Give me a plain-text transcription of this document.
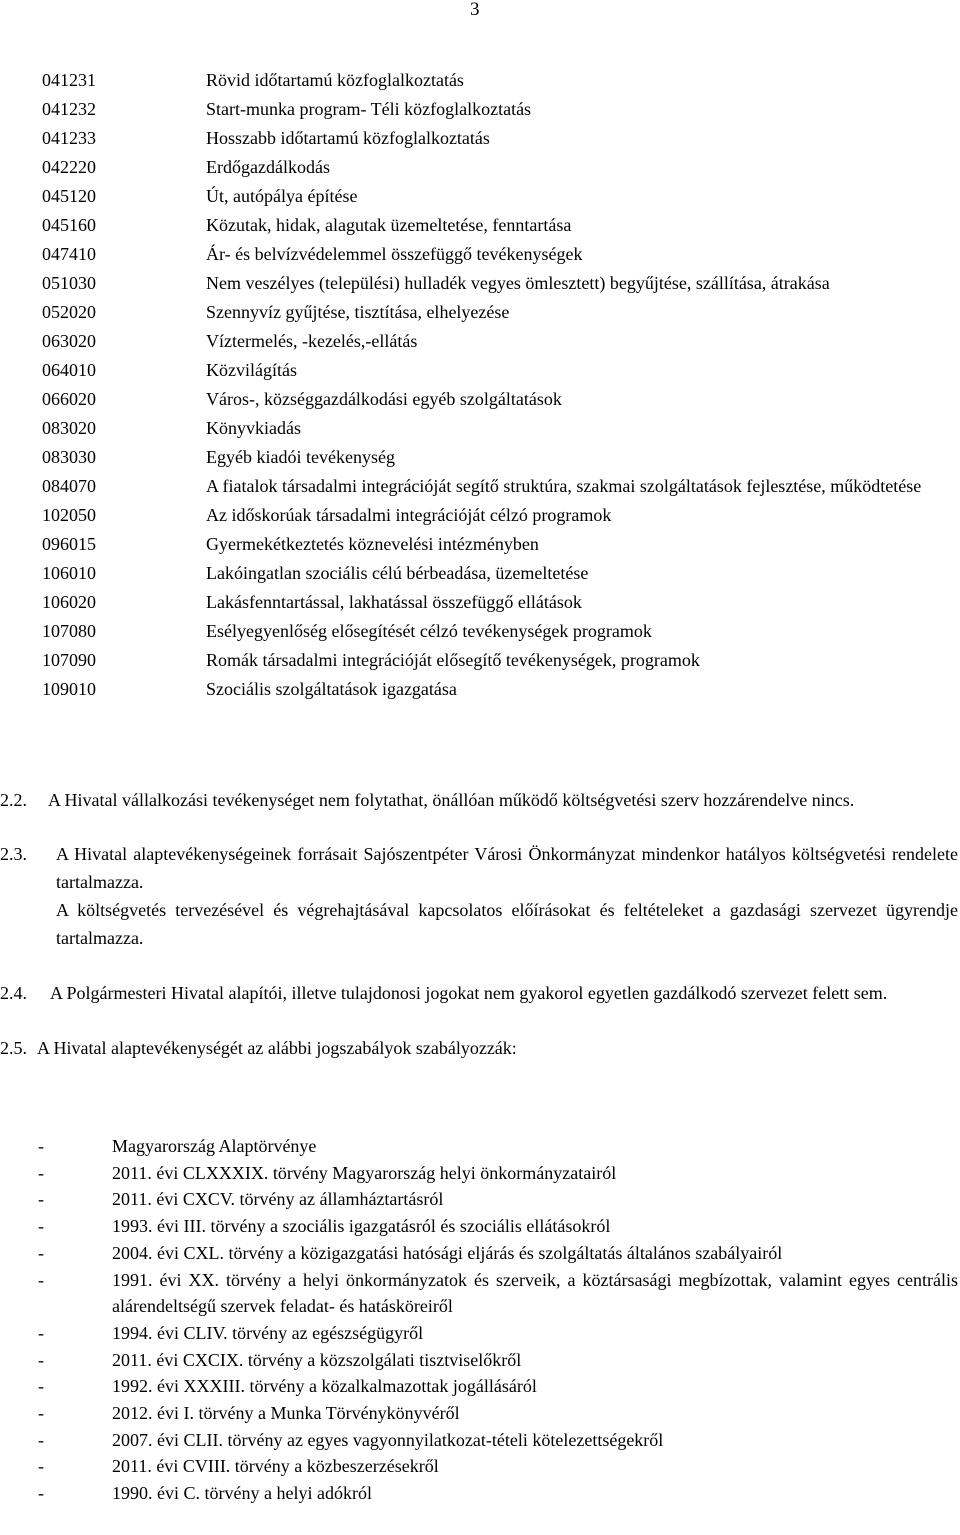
3
041231	Rövid időtartamú közfoglalkoztatás
041232	Start-munka program- Téli közfoglalkoztatás
041233	Hosszabb időtartamú közfoglalkoztatás
042220	Erdőgazdálkodás
045120	Út, autópálya építése
045160	Közutak, hidak, alagutak üzemeltetése, fenntartása
047410	Ár- és belvízvédelemmel összefüggő tevékenységek
051030	Nem veszélyes (települési) hulladék vegyes ömlesztett) begyűjtése, szállítása, átrakása
052020	Szennyvíz gyűjtése, tisztítása, elhelyezése
063020	Víztermelés, -kezelés,-ellátás
064010	Közvilágítás
066020	Város-, községgazdálkodási egyéb szolgáltatások
083020	Könyvkiadás
083030	Egyéb kiadói tevékenység
084070	A fiatalok társadalmi integrációját segítő struktúra, szakmai szolgáltatások fejlesztése, működtetése
102050	Az időskorúak társadalmi integrációját célzó programok
096015	Gyermekétkeztetés köznevelési intézményben
106010	Lakóingatlan szociális célú bérbeadása, üzemeltetése
106020	Lakásfenntartással, lakhatással összefüggő ellátások
107080	Esélyegyenlőség elősegítését célzó tevékenységek programok
107090	Romák társadalmi integrációját elősegítő tevékenységek, programok
109010	Szociális szolgáltatások igazgatása
2.2. A Hivatal vállalkozási tevékenységet nem folytathat, önállóan működő költségvetési szerv hozzárendelve nincs.
2.3. A Hivatal alaptevékenységeinek forrásait Sajószentpéter Városi Önkormányzat mindenkor hatályos költségvetési rendelete tartalmazza.
A költségvetés tervezésével és végrehajtásával kapcsolatos előírásokat és feltételeket a gazdasági szervezet ügyrendje tartalmazza.
2.4.	A Polgármesteri Hivatal alapítói, illetve tulajdonosi jogokat nem gyakorol egyetlen gazdálkodó szervezet felett sem.
2.5. A Hivatal alaptevékenységét az alábbi jogszabályok szabályozzák:
-	Magyarország Alaptörvénye
-	2011. évi CLXXXIX. törvény Magyarország helyi önkormányzatairól
-	2011. évi CXCV. törvény az államháztartásról
-	1993. évi III. törvény a szociális igazgatásról és szociális ellátásokról
-	2004. évi CXL. törvény a közigazgatási hatósági eljárás és szolgáltatás általános szabályairól
-	1991. évi XX. törvény a helyi önkormányzatok és szerveik, a köztársasági megbízottak, valamint egyes centrális alárendeltségű szervek feladat- és hatásköreiről
-	1994. évi CLIV. törvény az egészségügyről
-	2011. évi CXCIX. törvény a közszolgálati tisztviselőkről
-	1992. évi XXXIII. törvény a közalkalmazottak jogállásáról
-	2012. évi I. törvény a Munka Törvénykönyvéről
-	2007. évi CLII. törvény az egyes vagyonnyilatkozat-tételi kötelezettségekről
-	2011. évi CVIII. törvény a közbeszerzésekről
-	1990. évi C. törvény a helyi adókról
